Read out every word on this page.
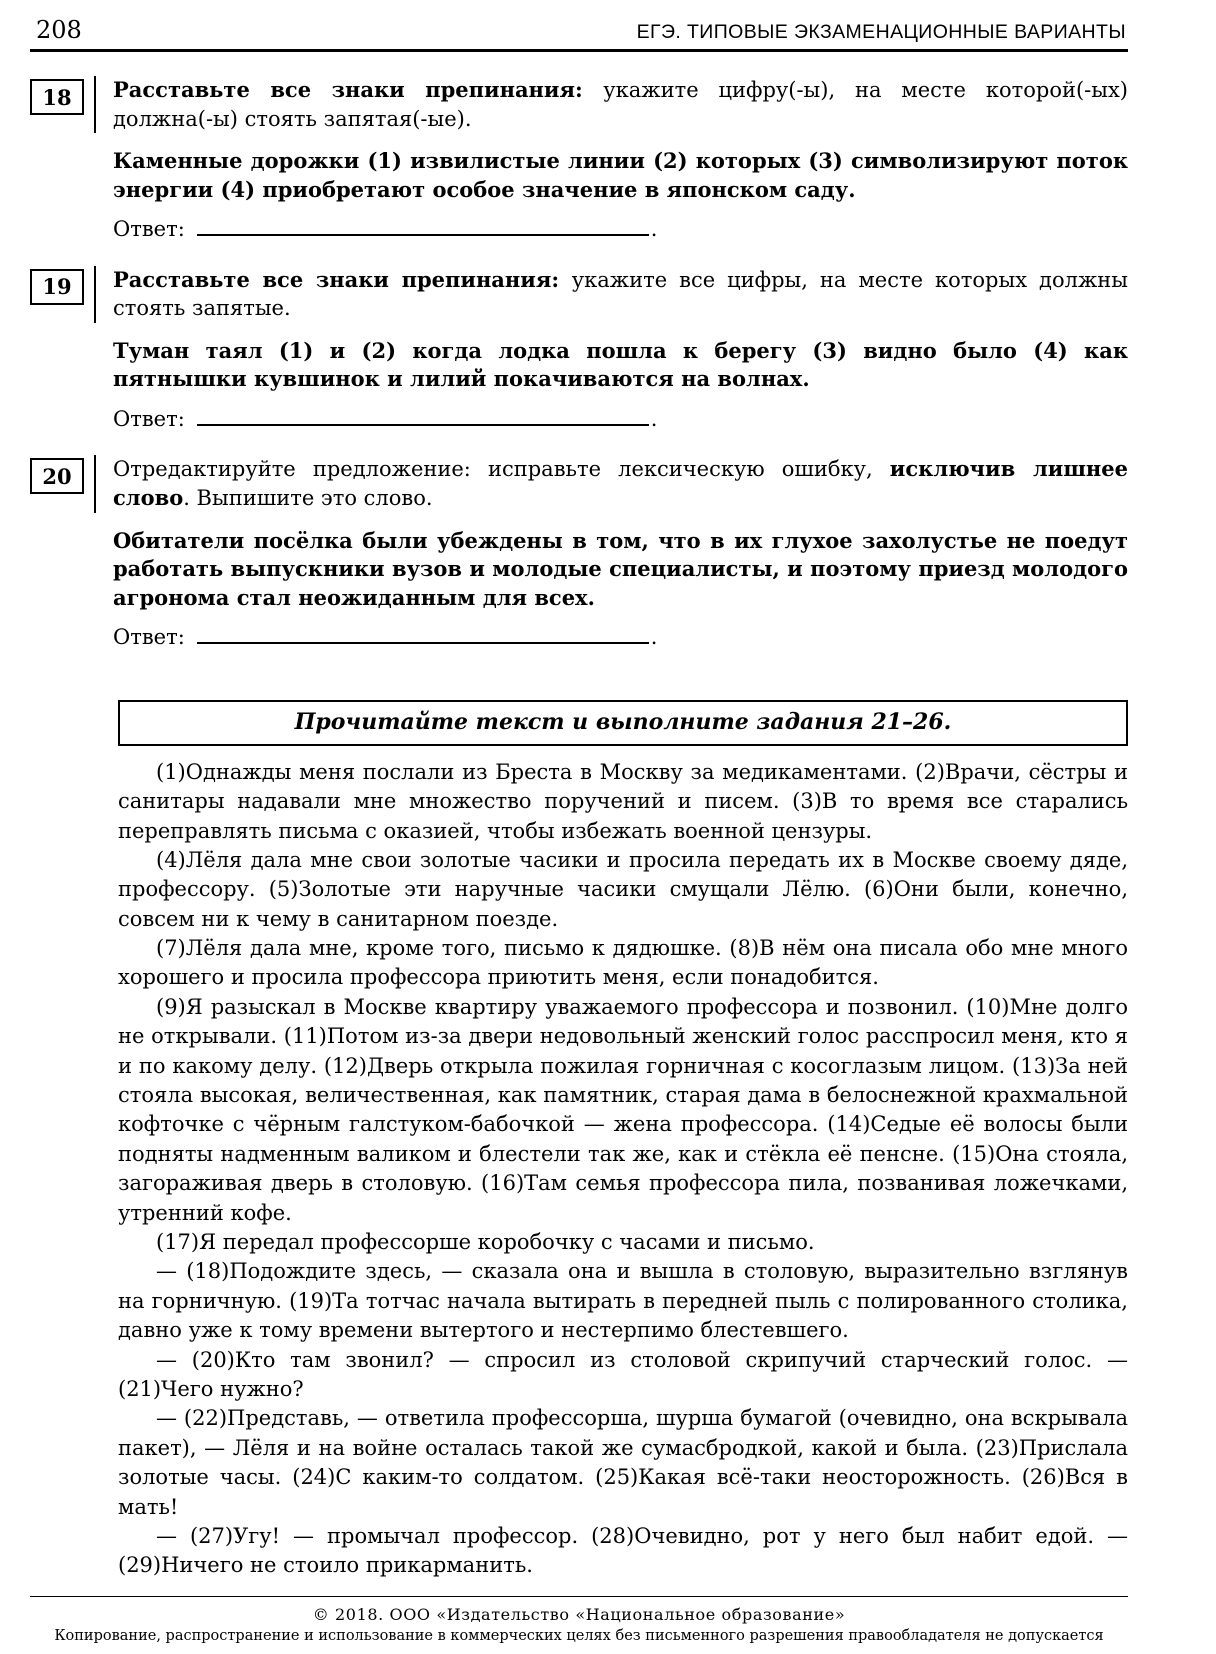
208	ЕГЭ. ТИПОВЫЕ ЭКЗАМЕНАЦИОННЫЕ ВАРИАНТЫ
18	Расставьте все знаки препинания: укажите цифру(-ы), на месте которой(-ых) должна(-ы) стоять запятая(-ые).

Каменные дорожки (1) извилистые линии (2) которых (3) символизируют поток энергии (4) приобретают особое значение в японском саду.

Ответ:	.

19	Расставьте все знаки препинания: укажите все цифры, на месте которых должны стоять запятые.

Туман таял (1) и (2) когда лодка пошла к берегу (3) видно было (4) как пятнышки кувшинок и лилий покачиваются на волнах.

Ответ:	.

20	Отредактируйте предложение: исправьте лексическую ошибку, исключив лишнее слово. Выпишите это слово.

Обитатели посёлка были убеждены в том, что в их глухое захолустье не поедут работать выпускники вузов и молодые специалисты, и поэтому приезд молодого агронома стал неожиданным для всех.

Ответ:	.

Прочитайте текст и выполните задания 21–26.

(1)Однажды меня послали из Бреста в Москву за медикаментами. (2)Врачи, сёстры и санитары надавали мне множество поручений и писем. (3)В то время все старались переправлять письма с оказией, чтобы избежать военной цензуры.

(4)Лёля дала мне свои золотые часики и просила передать их в Москве своему дяде, профессору. (5)Золотые эти наручные часики смущали Лёлю. (6)Они были, конечно, совсем ни к чему в санитарном поезде.

(7)Лёля дала мне, кроме того, письмо к дядюшке. (8)В нём она писала обо мне много хорошего и просила профессора приютить меня, если понадобится.

(9)Я разыскал в Москве квартиру уважаемого профессора и позвонил. (10)Мне долго не открывали. (11)Потом из-за двери недовольный женский голос расспросил меня, кто я и по какому делу. (12)Дверь открыла пожилая горничная с косоглазым лицом. (13)За ней стояла высокая, величественная, как памятник, старая дама в белоснежной крахмальной кофточке с чёрным галстуком-бабочкой — жена профессора. (14)Седые её волосы были подняты надменным валиком и блестели так же, как и стёкла её пенсне. (15)Она стояла, загораживая дверь в столовую. (16)Там семья профессора пила, позванивая ложечками, утренний кофе.

(17)Я передал профессорше коробочку с часами и письмо.

— (18)Подождите здесь, — сказала она и вышла в столовую, выразительно взглянув на горничную. (19)Та тотчас начала вытирать в передней пыль с полированного столика, давно уже к тому времени вытертого и нестерпимо блестевшего.

— (20)Кто там звонил? — спросил из столовой скрипучий старческий голос. — (21)Чего нужно?

— (22)Представь, — ответила профессорша, шурша бумагой (очевидно, она вскрывала пакет), — Лёля и на войне осталась такой же сумасбродкой, какой и была. (23)Прислала золотые часы. (24)С каким-то солдатом. (25)Какая всё-таки неосторожность. (26)Вся в мать!

— (27)Угу! — промычал профессор. (28)Очевидно, рот у него был набит едой. — (29)Ничего не стоило прикарманить.

© 2018. ООО «Издательство «Национальное образование»
Копирование, распространение и использование в коммерческих целях без письменного разрешения правообладателя не допускается
